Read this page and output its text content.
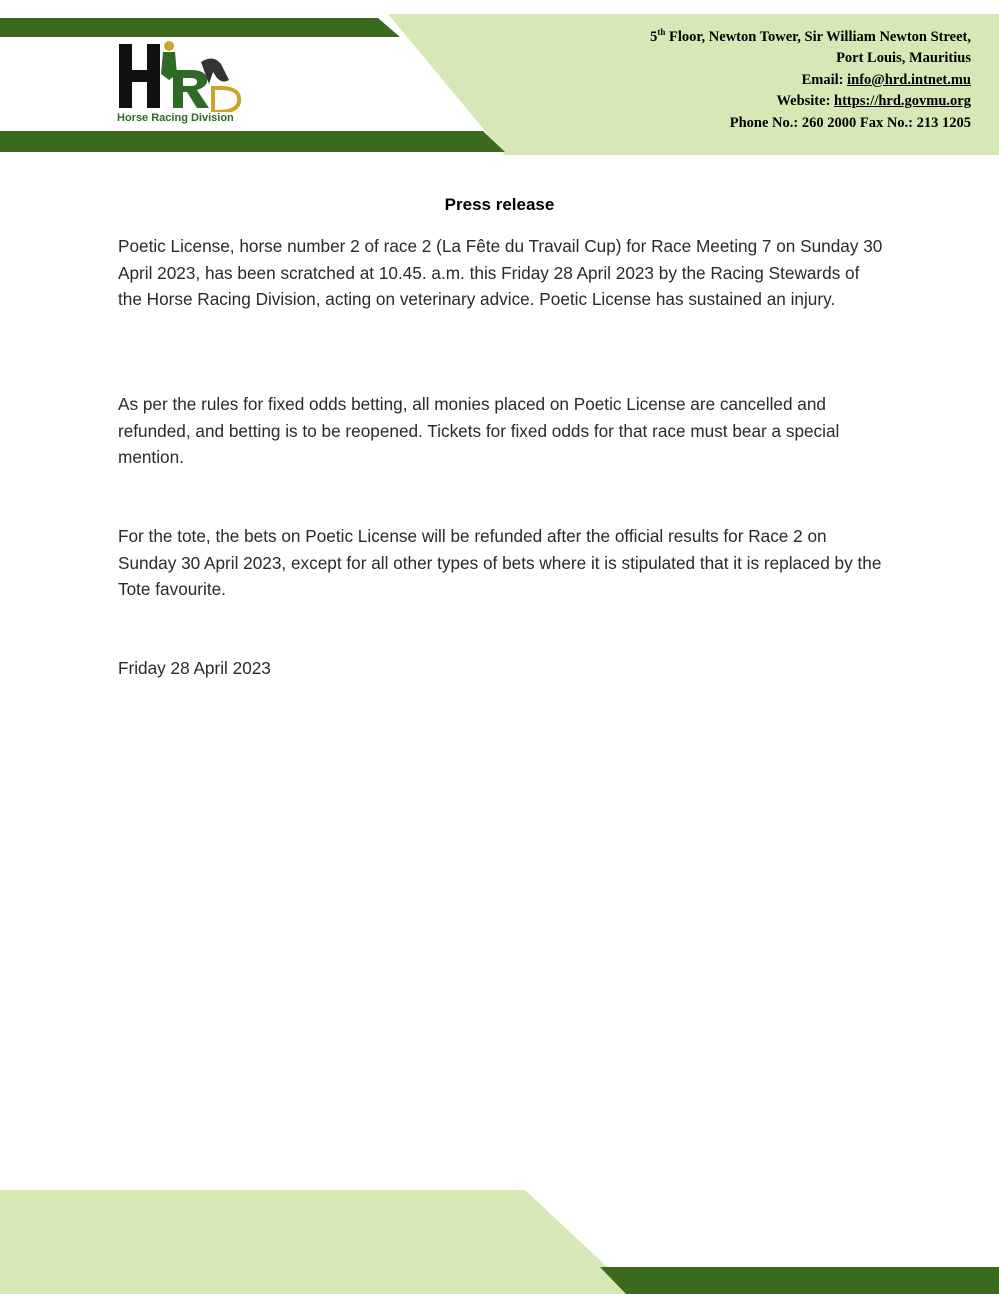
Horse Racing Division
5th Floor, Newton Tower, Sir William Newton Street,
Port Louis, Mauritius
Email: info@hrd.intnet.mu
Website: https://hrd.govmu.org
Phone No.: 260 2000 Fax No.: 213 1205
Press release
Poetic License, horse number 2 of race 2 (La Fête du Travail Cup) for Race Meeting 7 on Sunday 30 April 2023, has been scratched at 10.45. a.m. this Friday 28 April 2023 by the Racing Stewards of the Horse Racing Division, acting on veterinary advice. Poetic License has sustained an injury.
As per the rules for fixed odds betting, all monies placed on Poetic License are cancelled and refunded, and betting is to be reopened. Tickets for fixed odds for that race must bear a special mention.
For the tote, the bets on Poetic License will be refunded after the official results for Race 2 on Sunday 30 April 2023, except for all other types of bets where it is stipulated that it is replaced by the Tote favourite.
Friday 28 April 2023
